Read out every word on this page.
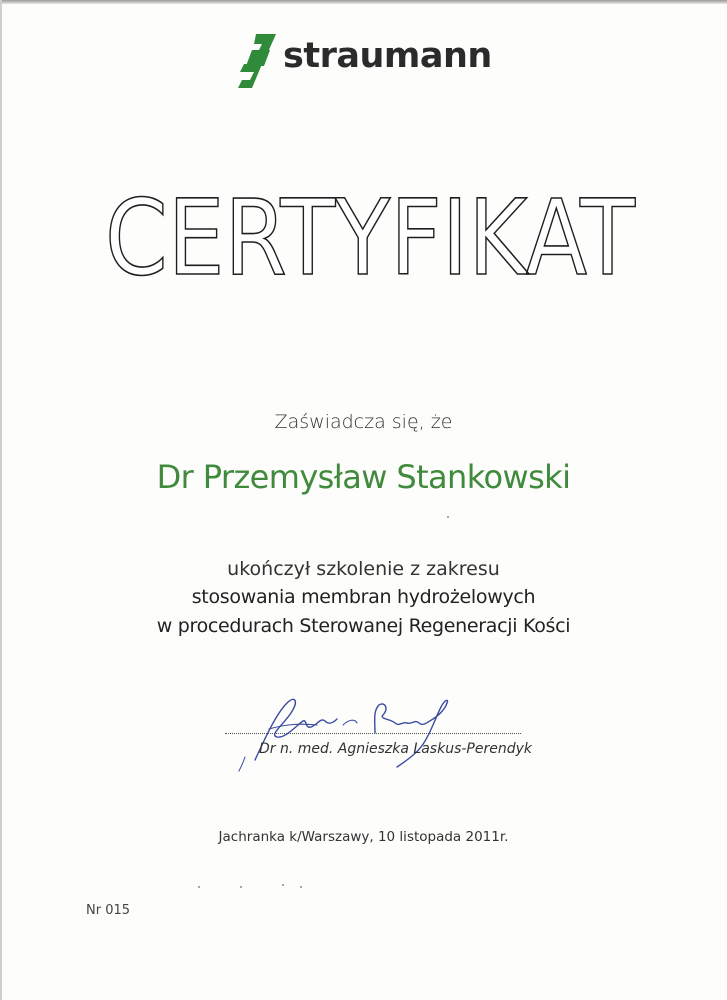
straumann
CERTYFIKAT
Zaświadcza się, że
Dr Przemysław Stankowski
ukończył szkolenie z zakresu
stosowania membran hydrożelowych
w procedurach Sterowanej Regeneracji Kości
Dr n. med. Agnieszka Laskus-Perendyk
Jachranka k/Warszawy, 10 listopada 2011r.
Nr 015
